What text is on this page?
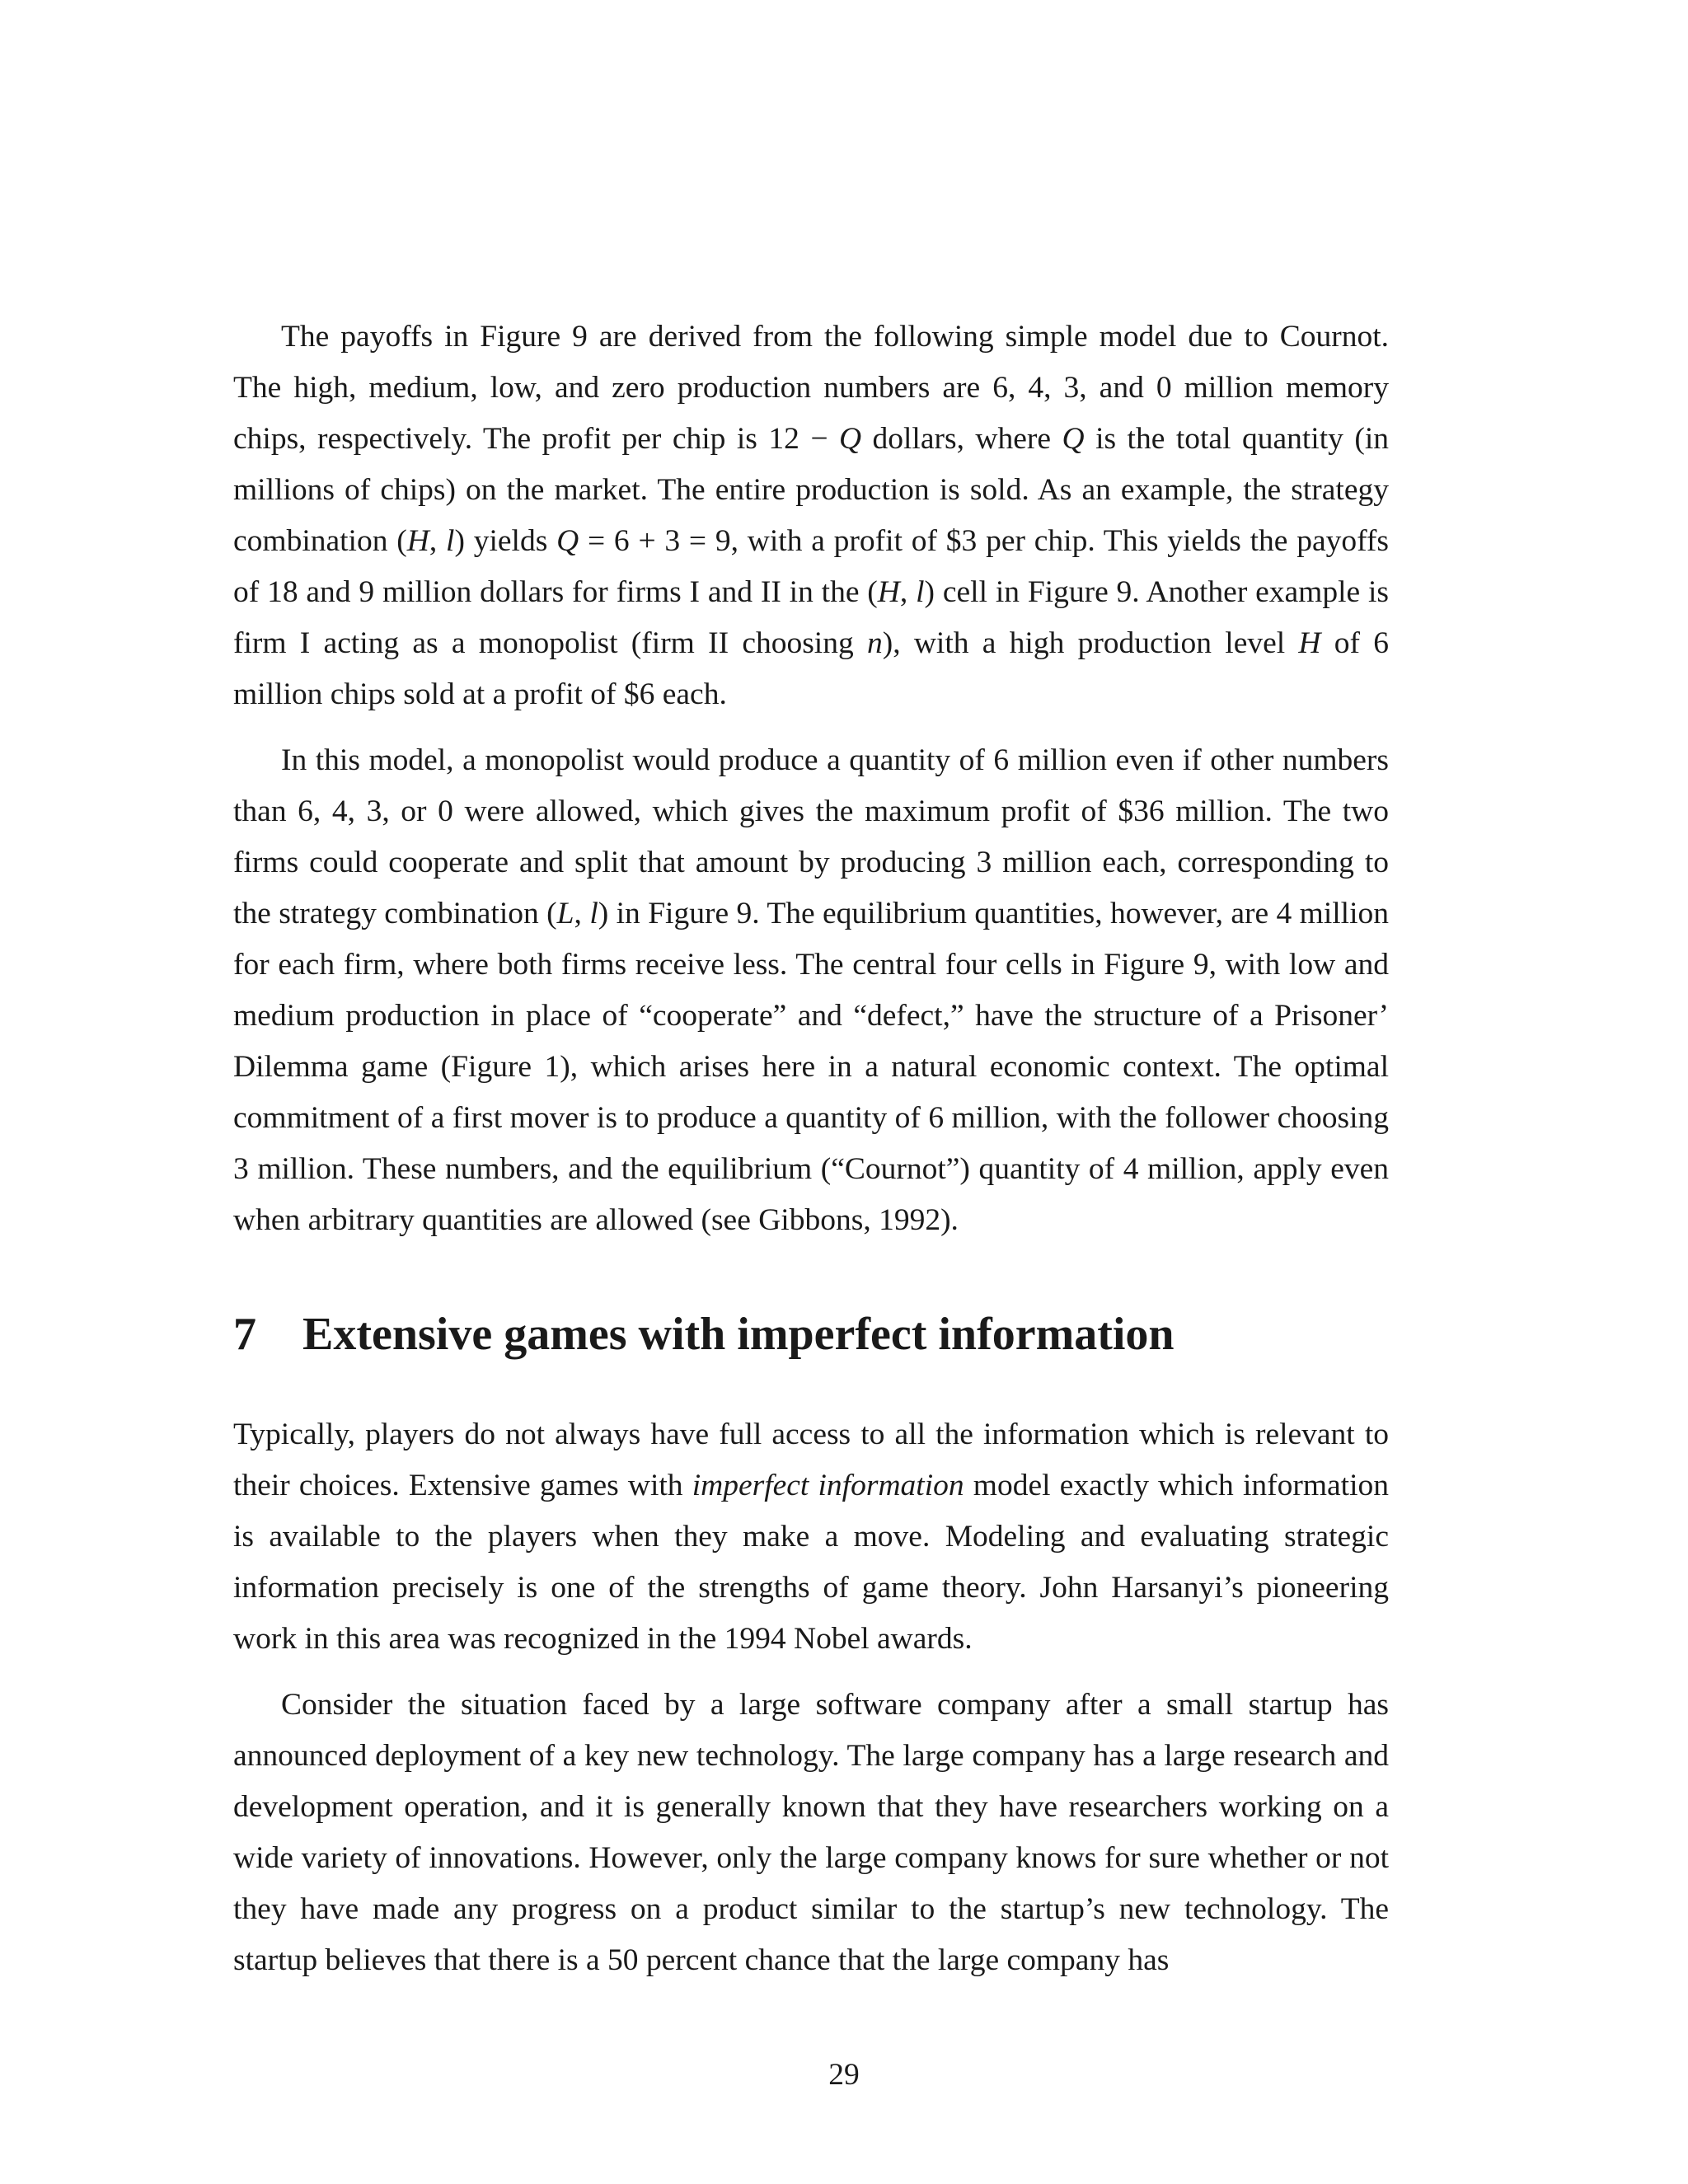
The payoffs in Figure 9 are derived from the following simple model due to Cournot. The high, medium, low, and zero production numbers are 6, 4, 3, and 0 million memory chips, respectively. The profit per chip is 12 − Q dollars, where Q is the total quantity (in millions of chips) on the market. The entire production is sold. As an example, the strategy combination (H, l) yields Q = 6 + 3 = 9, with a profit of $3 per chip. This yields the payoffs of 18 and 9 million dollars for firms I and II in the (H, l) cell in Figure 9. Another example is firm I acting as a monopolist (firm II choosing n), with a high production level H of 6 million chips sold at a profit of $6 each.

In this model, a monopolist would produce a quantity of 6 million even if other numbers than 6, 4, 3, or 0 were allowed, which gives the maximum profit of $36 million. The two firms could cooperate and split that amount by producing 3 million each, corresponding to the strategy combination (L, l) in Figure 9. The equilibrium quantities, however, are 4 million for each firm, where both firms receive less. The central four cells in Figure 9, with low and medium production in place of “cooperate” and “defect,” have the structure of a Prisoner’ Dilemma game (Figure 1), which arises here in a natural economic context. The optimal commitment of a first mover is to produce a quantity of 6 million, with the follower choosing 3 million. These numbers, and the equilibrium (“Cournot”) quantity of 4 million, apply even when arbitrary quantities are allowed (see Gibbons, 1992).

7	Extensive games with imperfect information

Typically, players do not always have full access to all the information which is relevant to their choices. Extensive games with imperfect information model exactly which information is available to the players when they make a move. Modeling and evaluating strategic information precisely is one of the strengths of game theory. John Harsanyi’s pioneering work in this area was recognized in the 1994 Nobel awards.

Consider the situation faced by a large software company after a small startup has announced deployment of a key new technology. The large company has a large research and development operation, and it is generally known that they have researchers working on a wide variety of innovations. However, only the large company knows for sure whether or not they have made any progress on a product similar to the startup’s new technology. The startup believes that there is a 50 percent chance that the large company has

29
